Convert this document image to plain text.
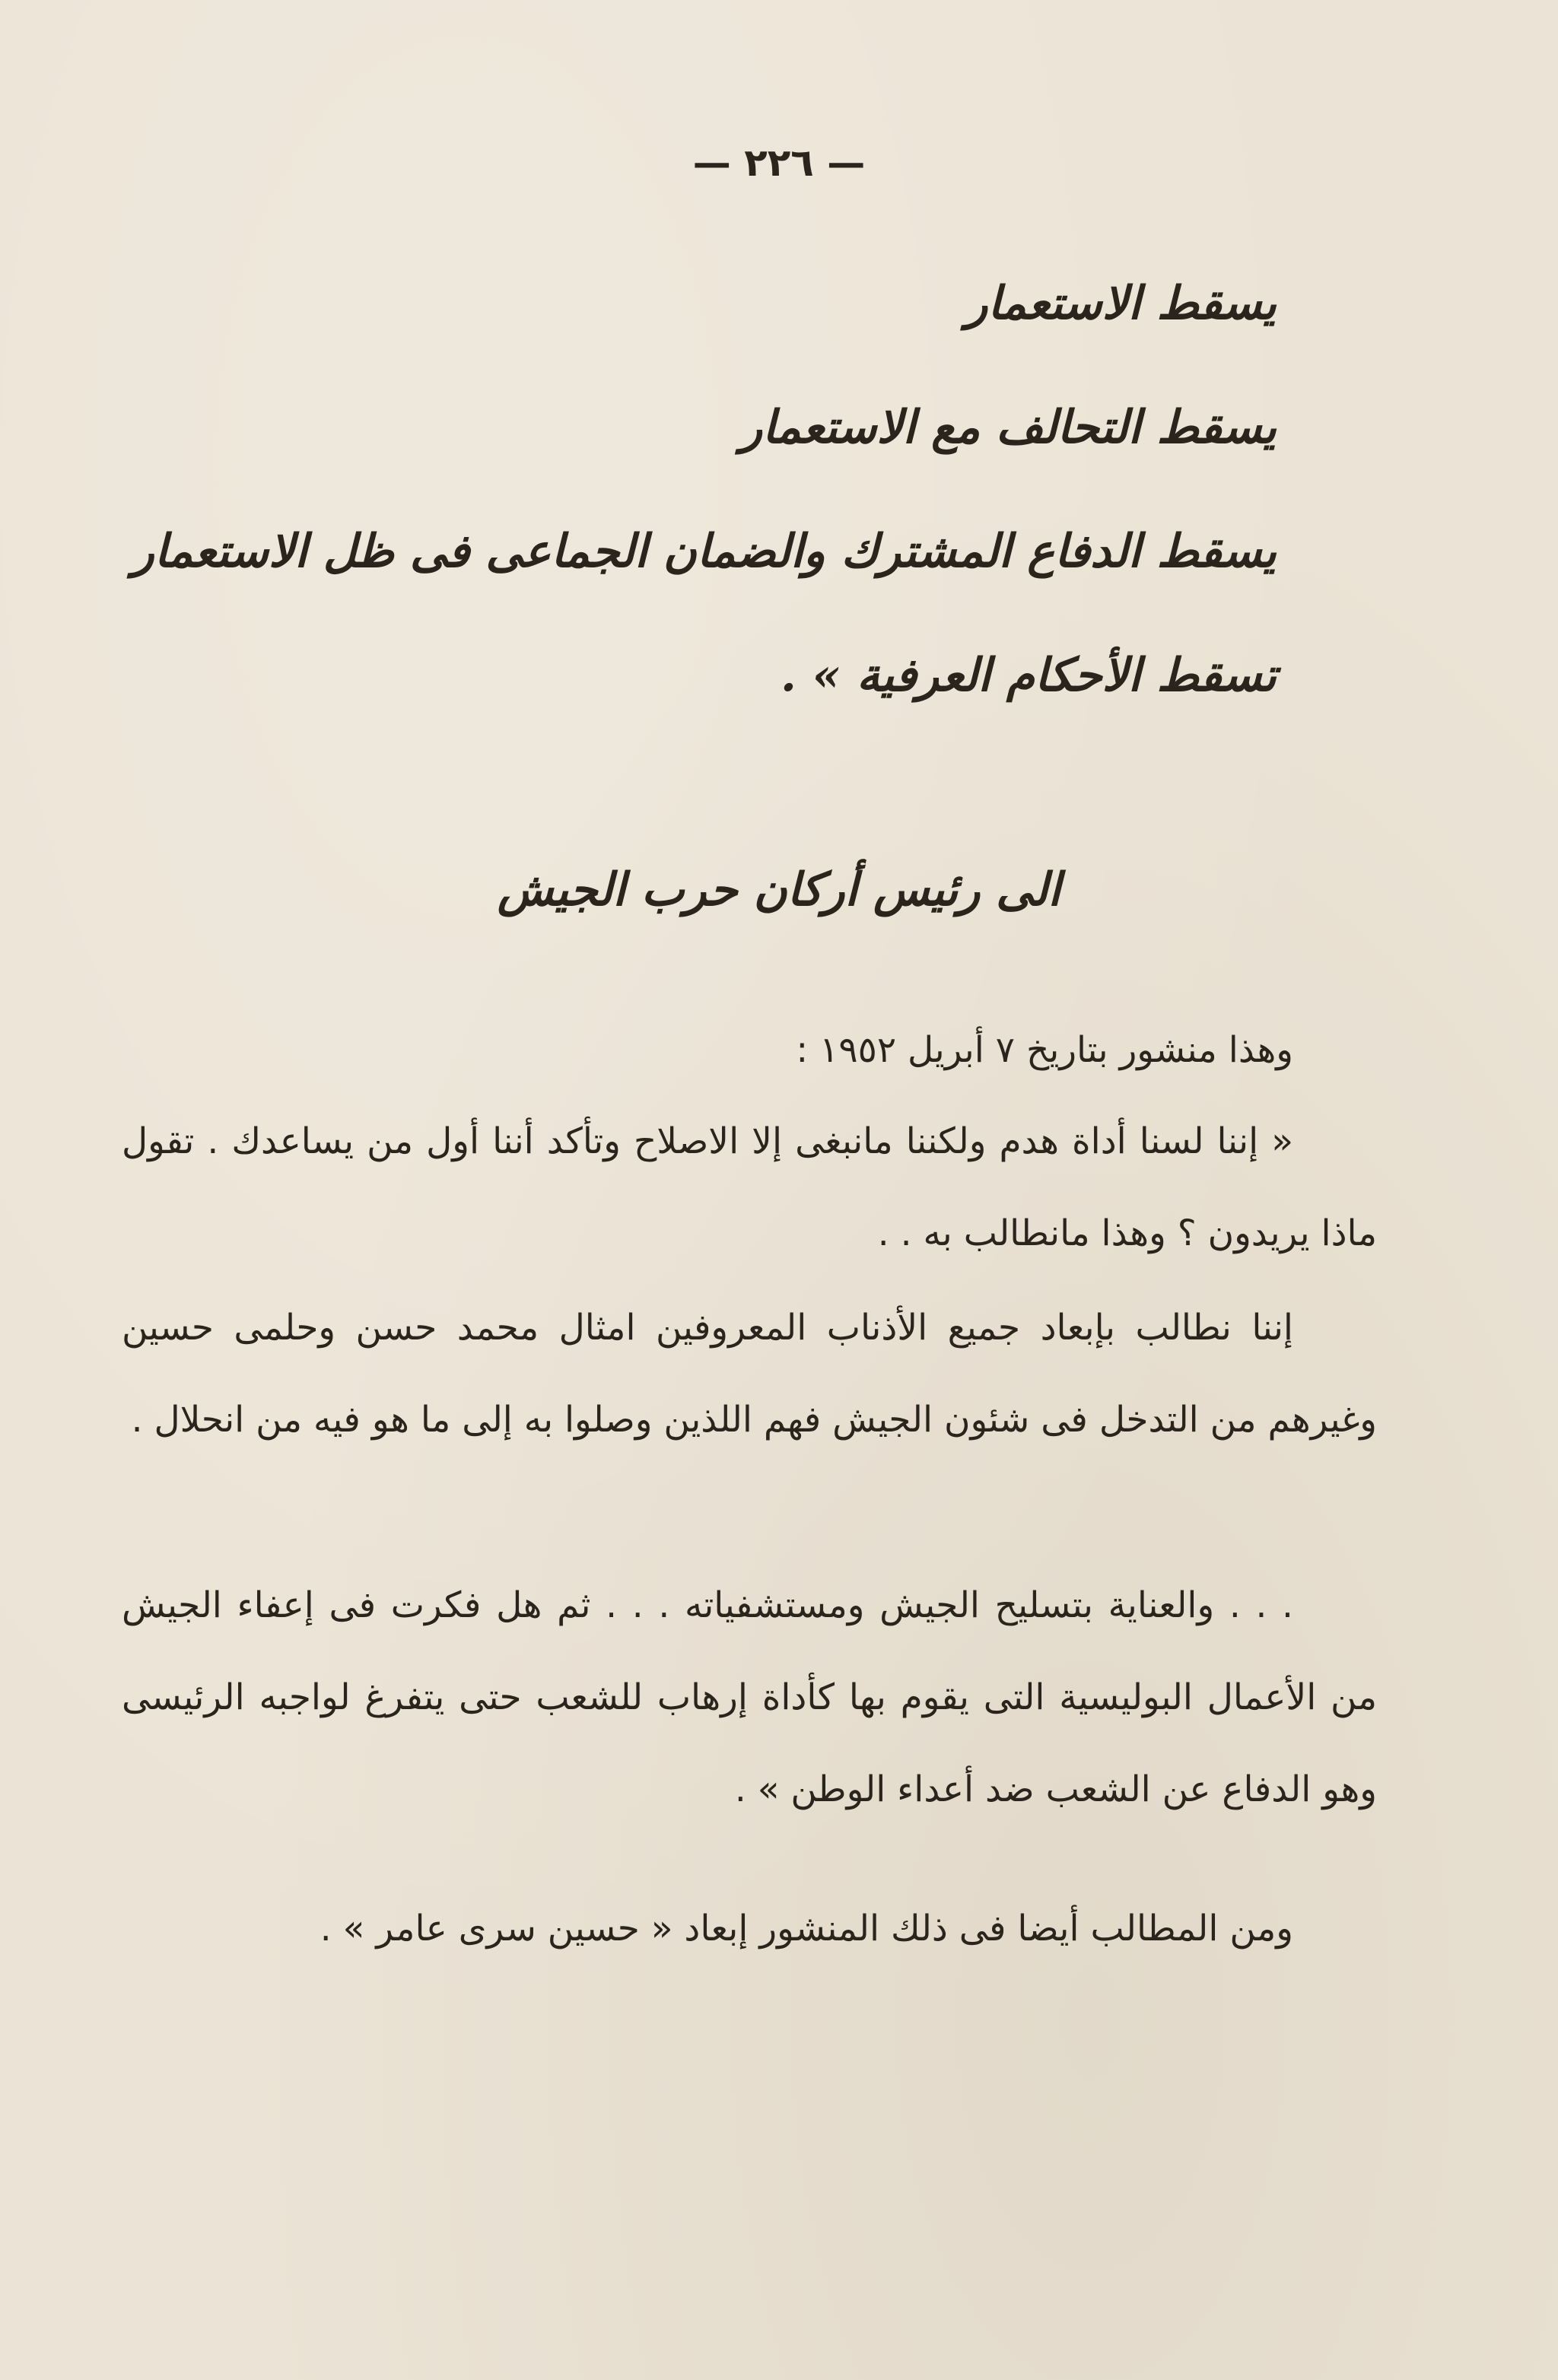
— ٢٢٦ —
يسقط الاستعمار
يسقط التحالف مع الاستعمار
يسقط الدفاع المشترك والضمان الجماعى فى ظل الاستعمار
تسقط الأحكام العرفية » .
الى رئيس أركان حرب الجيش

وهذا منشور بتاريخ ٧ أبريل ١٩٥٢ :

« إننا لسنا أداة هدم ولكننا مانبغى إلا الاصلاح وتأكد أننا أول من يساعدك . تقول ماذا يريدون ؟ وهذا مانطالب به . .

إننا نطالب بإبعاد جميع الأذناب المعروفين امثال محمد حسن وحلمى حسين وغيرهم من التدخل فى شئون الجيش فهم اللذين وصلوا به إلى ما هو فيه من انحلال .

. . . والعناية بتسليح الجيش ومستشفياته . . . ثم هل فكرت فى إعفاء الجيش من الأعمال البوليسية التى يقوم بها كأداة إرهاب للشعب حتى يتفرغ لواجبه الرئيسى وهو الدفاع عن الشعب ضد أعداء الوطن » .

ومن المطالب أيضا فى ذلك المنشور إبعاد « حسين سرى عامر » .
